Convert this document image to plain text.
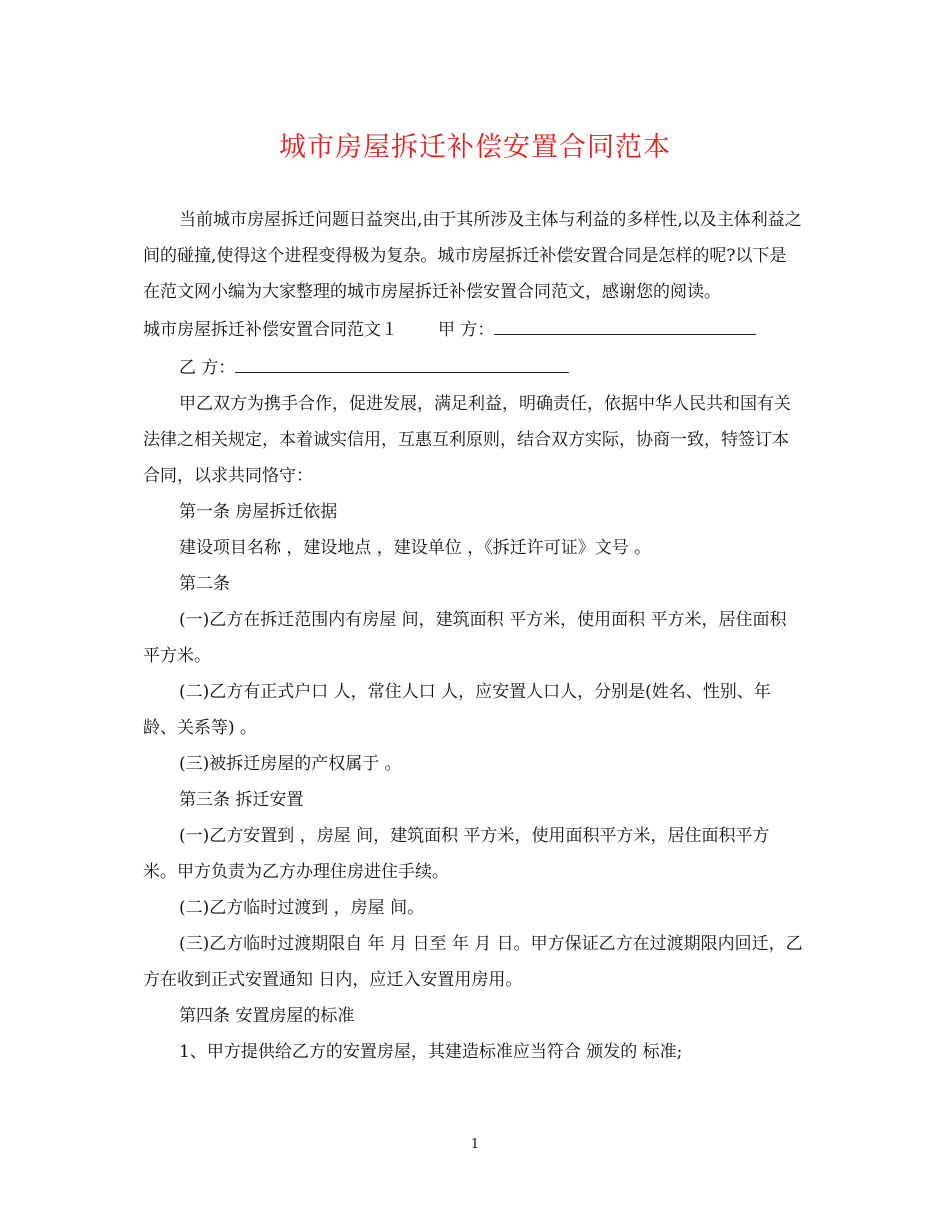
城市房屋拆迁补偿安置合同范本

当前城市房屋拆迁问题日益突出,由于其所涉及主体与利益的多样性,以及主体利益之间的碰撞,使得这个进程变得极为复杂。城市房屋拆迁补偿安置合同是怎样的呢?以下是在范文网小编为大家整理的城市房屋拆迁补偿安置合同范文，感谢您的阅读。

城市房屋拆迁补偿安置合同范文１ 甲 方：
乙 方：

甲乙双方为携手合作，促进发展，满足利益，明确责任，依据中华人民共和国有关法律之相关规定，本着诚实信用，互惠互利原则，结合双方实际，协商一致，特签订本合同，以求共同恪守：

第一条 房屋拆迁依据

建设项目名称 ，建设地点 ，建设单位 ，《拆迁许可证》文号 。

第二条

(一)乙方在拆迁范围内有房屋 间，建筑面积 平方米，使用面积 平方米，居住面积 平方米。

(二)乙方有正式户口 人，常住人口 人，应安置人口人，分别是(姓名、性别、年龄、关系等) 。

(三)被拆迁房屋的产权属于 。

第三条 拆迁安置

(一)乙方安置到 ，房屋 间，建筑面积 平方米，使用面积平方米，居住面积平方米。甲方负责为乙方办理住房进住手续。

(二)乙方临时过渡到 ，房屋 间。

(三)乙方临时过渡期限自 年 月 日至 年 月 日。甲方保证乙方在过渡期限内回迁，乙方在收到正式安置通知 日内，应迁入安置用房用。

第四条 安置房屋的标准

1、甲方提供给乙方的安置房屋，其建造标准应当符合 颁发的 标准;

1
